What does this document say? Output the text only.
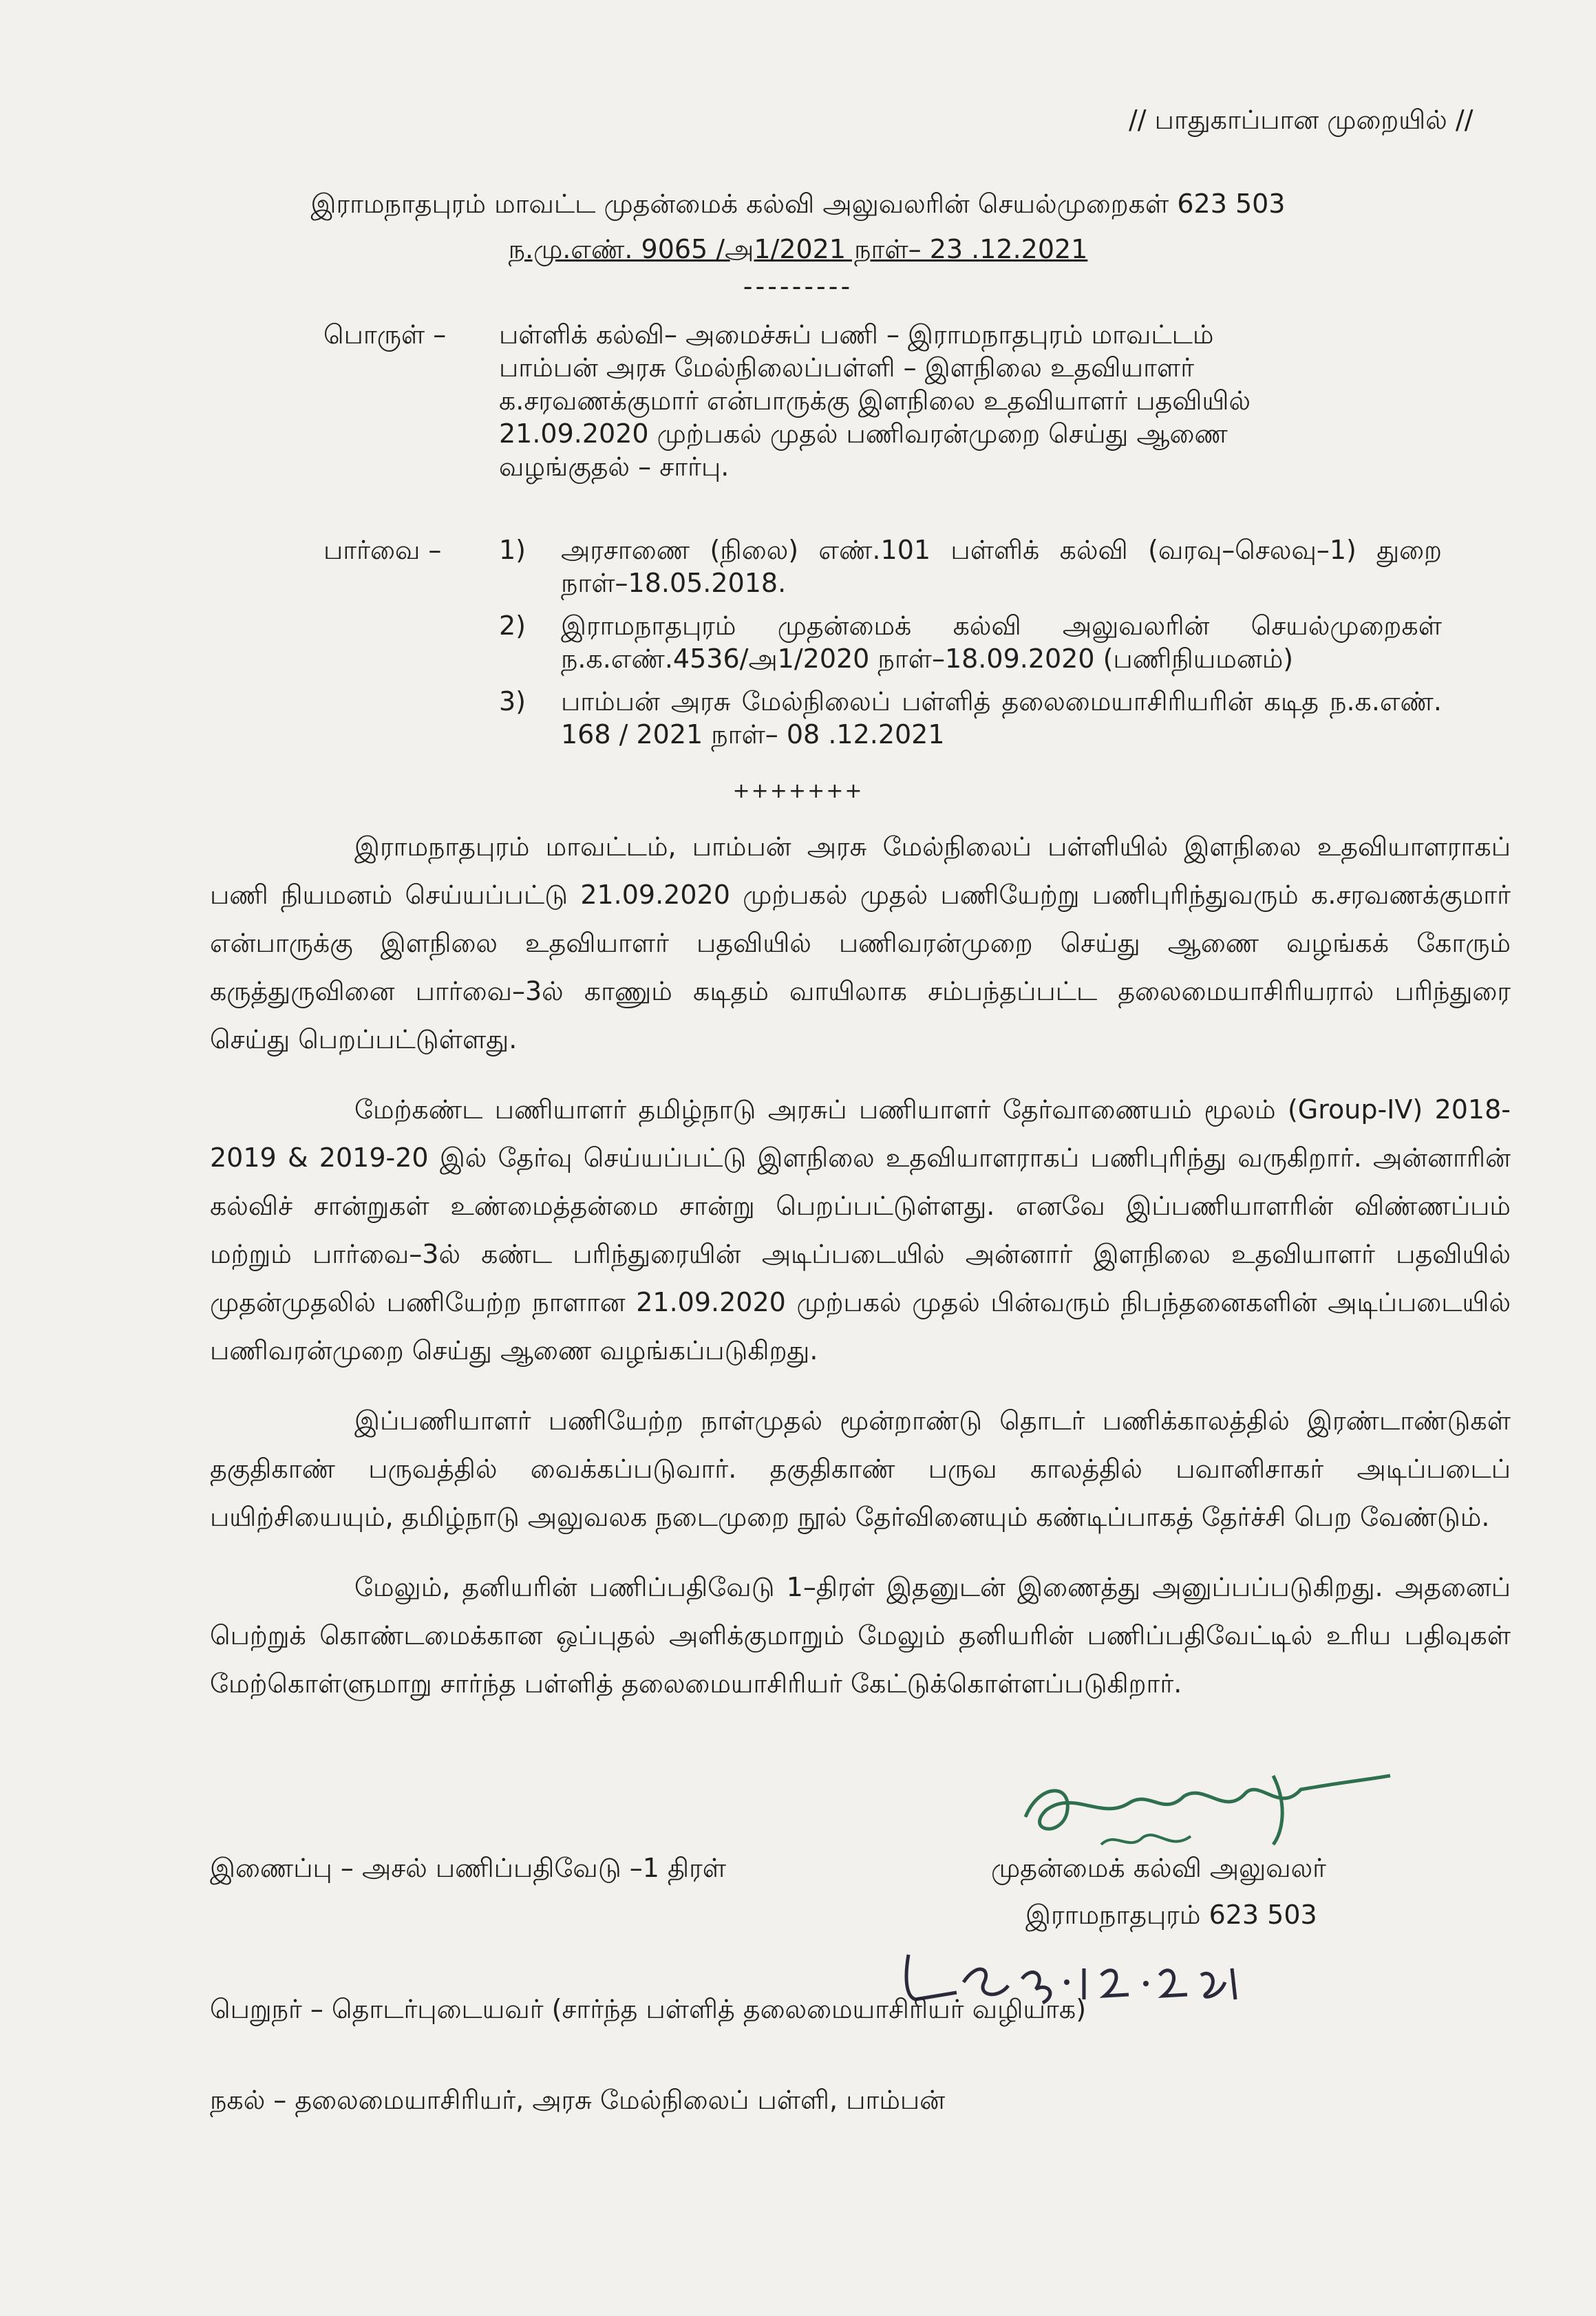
// பாதுகாப்பான முறையில் //
இராமநாதபுரம் மாவட்ட முதன்மைக் கல்வி அலுவலரின் செயல்முறைகள் 623 503
ந.மு.எண். 9065 /அ1/2021 நாள்– 23 .12.2021
---------
பொருள் – பள்ளிக் கல்வி– அமைச்சுப் பணி – இராமநாதபுரம் மாவட்டம்

பாம்பன் அரசு மேல்நிலைப்பள்ளி – இளநிலை உதவியாளர்

க.சரவணக்குமார் என்பாருக்கு இளநிலை உதவியாளர் பதவியில்

21.09.2020 முற்பகல் முதல் பணிவரன்முறை செய்து ஆணை

வழங்குதல் – சார்பு.

பார்வை – 1)	அரசாணை (நிலை) எண்.101 பள்ளிக் கல்வி (வரவு–செலவு–1) துறை நாள்–18.05.2018.
2)	இராமநாதபுரம் முதன்மைக் கல்வி அலுவலரின் செயல்முறைகள் ந.க.எண்.4536/அ1/2020 நாள்–18.09.2020 (பணிநியமனம்)
3)	பாம்பன் அரசு மேல்நிலைப் பள்ளித் தலைமையாசிரியரின் கடித ந.க.எண். 168 / 2021 நாள்– 08 .12.2021
+++++++

இராமநாதபுரம் மாவட்டம், பாம்பன் அரசு மேல்நிலைப் பள்ளியில் இளநிலை உதவியாளராகப் பணி நியமனம் செய்யப்பட்டு 21.09.2020 முற்பகல் முதல் பணியேற்று பணிபுரிந்துவரும் க.சரவணக்குமார் என்பாருக்கு இளநிலை உதவியாளர் பதவியில் பணிவரன்முறை செய்து ஆணை வழங்கக் கோரும் கருத்துருவினை பார்வை–3ல் காணும் கடிதம் வாயிலாக சம்பந்தப்பட்ட தலைமையாசிரியரால் பரிந்துரை செய்து பெறப்பட்டுள்ளது.

மேற்கண்ட பணியாளர் தமிழ்நாடு அரசுப் பணியாளர் தேர்வாணையம் மூலம் (Group-IV) 2018-2019 & 2019-20 இல் தேர்வு செய்யப்பட்டு இளநிலை உதவியாளராகப் பணிபுரிந்து வருகிறார். அன்னாரின் கல்விச் சான்றுகள் உண்மைத்தன்மை சான்று பெறப்பட்டுள்ளது. எனவே இப்பணியாளரின் விண்ணப்பம் மற்றும் பார்வை–3ல் கண்ட பரிந்துரையின் அடிப்படையில் அன்னார் இளநிலை உதவியாளர் பதவியில் முதன்முதலில் பணியேற்ற நாளான 21.09.2020 முற்பகல் முதல் பின்வரும் நிபந்தனைகளின் அடிப்படையில் பணிவரன்முறை செய்து ஆணை வழங்கப்படுகிறது.

இப்பணியாளர் பணியேற்ற நாள்முதல் மூன்றாண்டு தொடர் பணிக்காலத்தில் இரண்டாண்டுகள் தகுதிகாண் பருவத்தில் வைக்கப்படுவார். தகுதிகாண் பருவ காலத்தில் பவானிசாகர் அடிப்படைப் பயிற்சியையும், தமிழ்நாடு அலுவலக நடைமுறை நூல் தேர்வினையும் கண்டிப்பாகத் தேர்ச்சி பெற வேண்டும்.

மேலும், தனியரின் பணிப்பதிவேடு 1–திரள் இதனுடன் இணைத்து அனுப்பப்படுகிறது. அதனைப் பெற்றுக் கொண்டமைக்கான ஒப்புதல் அளிக்குமாறும் மேலும் தனியரின் பணிப்பதிவேட்டில் உரிய பதிவுகள் மேற்கொள்ளுமாறு சார்ந்த பள்ளித் தலைமையாசிரியர் கேட்டுக்கொள்ளப்படுகிறார்.

இணைப்பு – அசல் பணிப்பதிவேடு –1 திரள்	முதன்மைக் கல்வி அலுவலர்
இராமநாதபுரம் 623 503
பெறுநர் – தொடர்புடையவர் (சார்ந்த பள்ளித் தலைமையாசிரியர் வழியாக)
நகல் – தலைமையாசிரியர், அரசு மேல்நிலைப் பள்ளி, பாம்பன்
